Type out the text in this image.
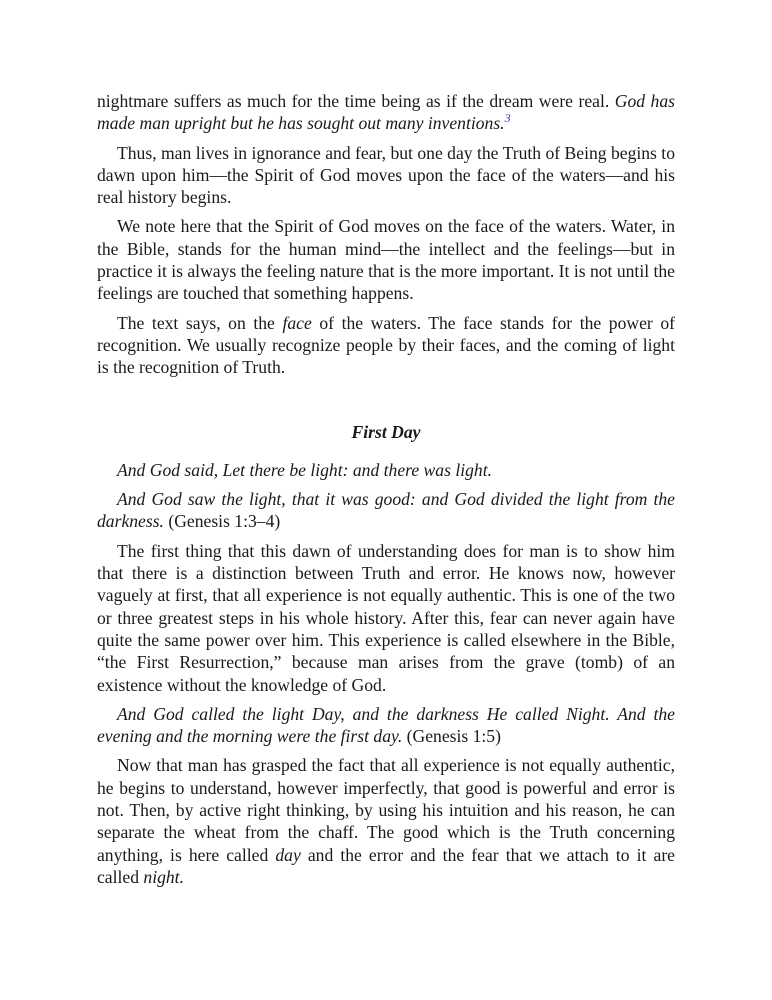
nightmare suffers as much for the time being as if the dream were real. God has made man upright but he has sought out many inventions.$^3$

Thus, man lives in ignorance and fear, but one day the Truth of Being begins to dawn upon him—the Spirit of God moves upon the face of the waters—and his real history begins.

We note here that the Spirit of God moves on the face of the waters. Water, in the Bible, stands for the human mind—the intellect and the feelings—but in practice it is always the feeling nature that is the more important. It is not until the feelings are touched that something happens.

The text says, on the face of the waters. The face stands for the power of recognition. We usually recognize people by their faces, and the coming of light is the recognition of Truth.

First Day

And God said, Let there be light: and there was light.

And God saw the light, that it was good: and God divided the light from the darkness. (Genesis 1:3–4)

The first thing that this dawn of understanding does for man is to show him that there is a distinction between Truth and error. He knows now, however vaguely at first, that all experience is not equally authentic. This is one of the two or three greatest steps in his whole history. After this, fear can never again have quite the same power over him. This experience is called elsewhere in the Bible, “the First Resurrection,” because man arises from the grave (tomb) of an existence without the knowledge of God.

And God called the light Day, and the darkness He called Night. And the evening and the morning were the first day. (Genesis 1:5)

Now that man has grasped the fact that all experience is not equally authentic, he begins to understand, however imperfectly, that good is powerful and error is not. Then, by active right thinking, by using his intuition and his reason, he can separate the wheat from the chaff. The good which is the Truth concerning anything, is here called day and the error and the fear that we attach to it are called night.
